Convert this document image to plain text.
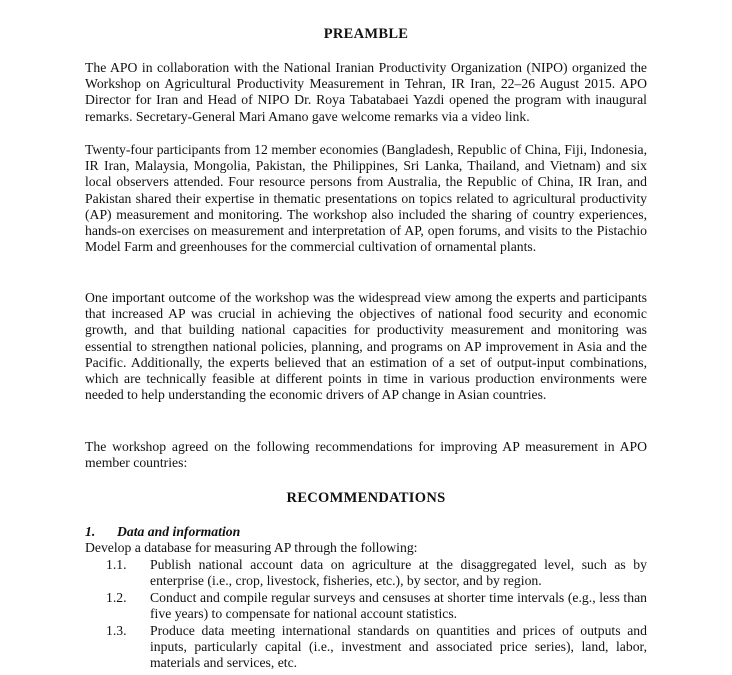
PREAMBLE

The APO in collaboration with the National Iranian Productivity Organization (NIPO) organized the Workshop on Agricultural Productivity Measurement in Tehran, IR Iran, 22–26 August 2015. APO Director for Iran and Head of NIPO Dr. Roya Tabatabaei Yazdi opened the program with inaugural remarks. Secretary-General Mari Amano gave welcome remarks via a video link.

Twenty-four participants from 12 member economies (Bangladesh, Republic of China, Fiji, Indonesia, IR Iran, Malaysia, Mongolia, Pakistan, the Philippines, Sri Lanka, Thailand, and Vietnam) and six local observers attended. Four resource persons from Australia, the Republic of China, IR Iran, and Pakistan shared their expertise in thematic presentations on topics related to agricultural productivity (AP) measurement and monitoring. The workshop also included the sharing of country experiences, hands-on exercises on measurement and interpretation of AP, open forums, and visits to the Pistachio Model Farm and greenhouses for the commercial cultivation of ornamental plants.

One important outcome of the workshop was the widespread view among the experts and participants that increased AP was crucial in achieving the objectives of national food security and economic growth, and that building national capacities for productivity measurement and monitoring was essential to strengthen national policies, planning, and programs on AP improvement in Asia and the Pacific. Additionally, the experts believed that an estimation of a set of output-input combinations, which are technically feasible at different points in time in various production environments were needed to help understanding the economic drivers of AP change in Asian countries.

The workshop agreed on the following recommendations for improving AP measurement in APO member countries:

RECOMMENDATIONS
1. Data and information
Develop a database for measuring AP through the following:
1.1.	Publish national account data on agriculture at the disaggregated level, such as by enterprise (i.e., crop, livestock, fisheries, etc.), by sector, and by region.
1.2.	Conduct and compile regular surveys and censuses at shorter time intervals (e.g., less than five years) to compensate for national account statistics.
1.3.	Produce data meeting international standards on quantities and prices of outputs and inputs, particularly capital (i.e., investment and associated price series), land, labor, materials and services, etc.
